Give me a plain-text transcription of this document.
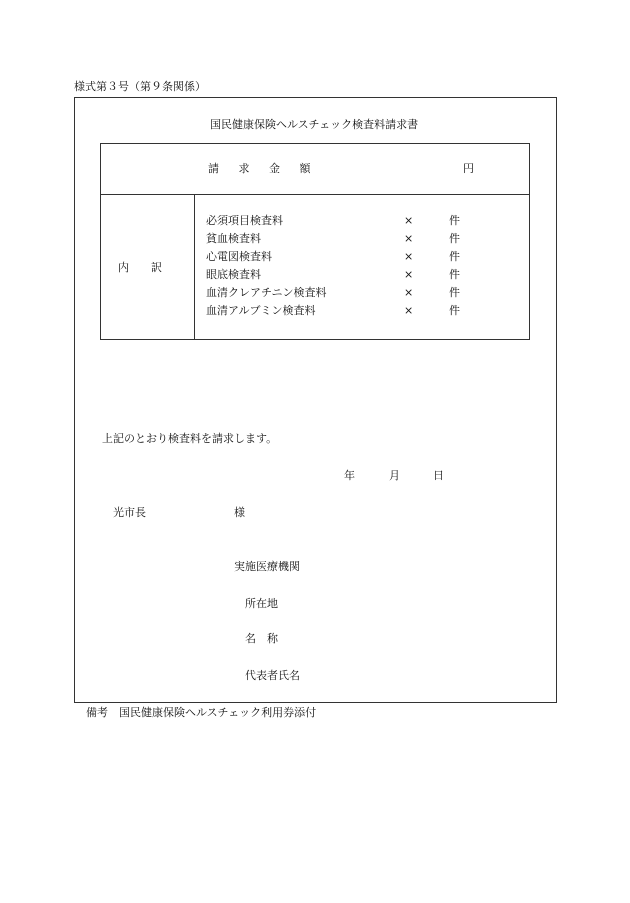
様式第３号（第９条関係）
国民健康保険ヘルスチェック検査料請求書
請 求 金 額	円
内　　訳
必須項目検査料	×	件
貧血検査料	×	件
心電図検査料	×	件
眼底検査料	×	件
血清クレアチニン検査料	×	件
血清アルブミン検査料	×	件
上記のとおり検査料を請求します。
年	月	日
光市長	様
実施医療機関
所在地
名　称
代表者氏名
備考　国民健康保険ヘルスチェック利用券添付
